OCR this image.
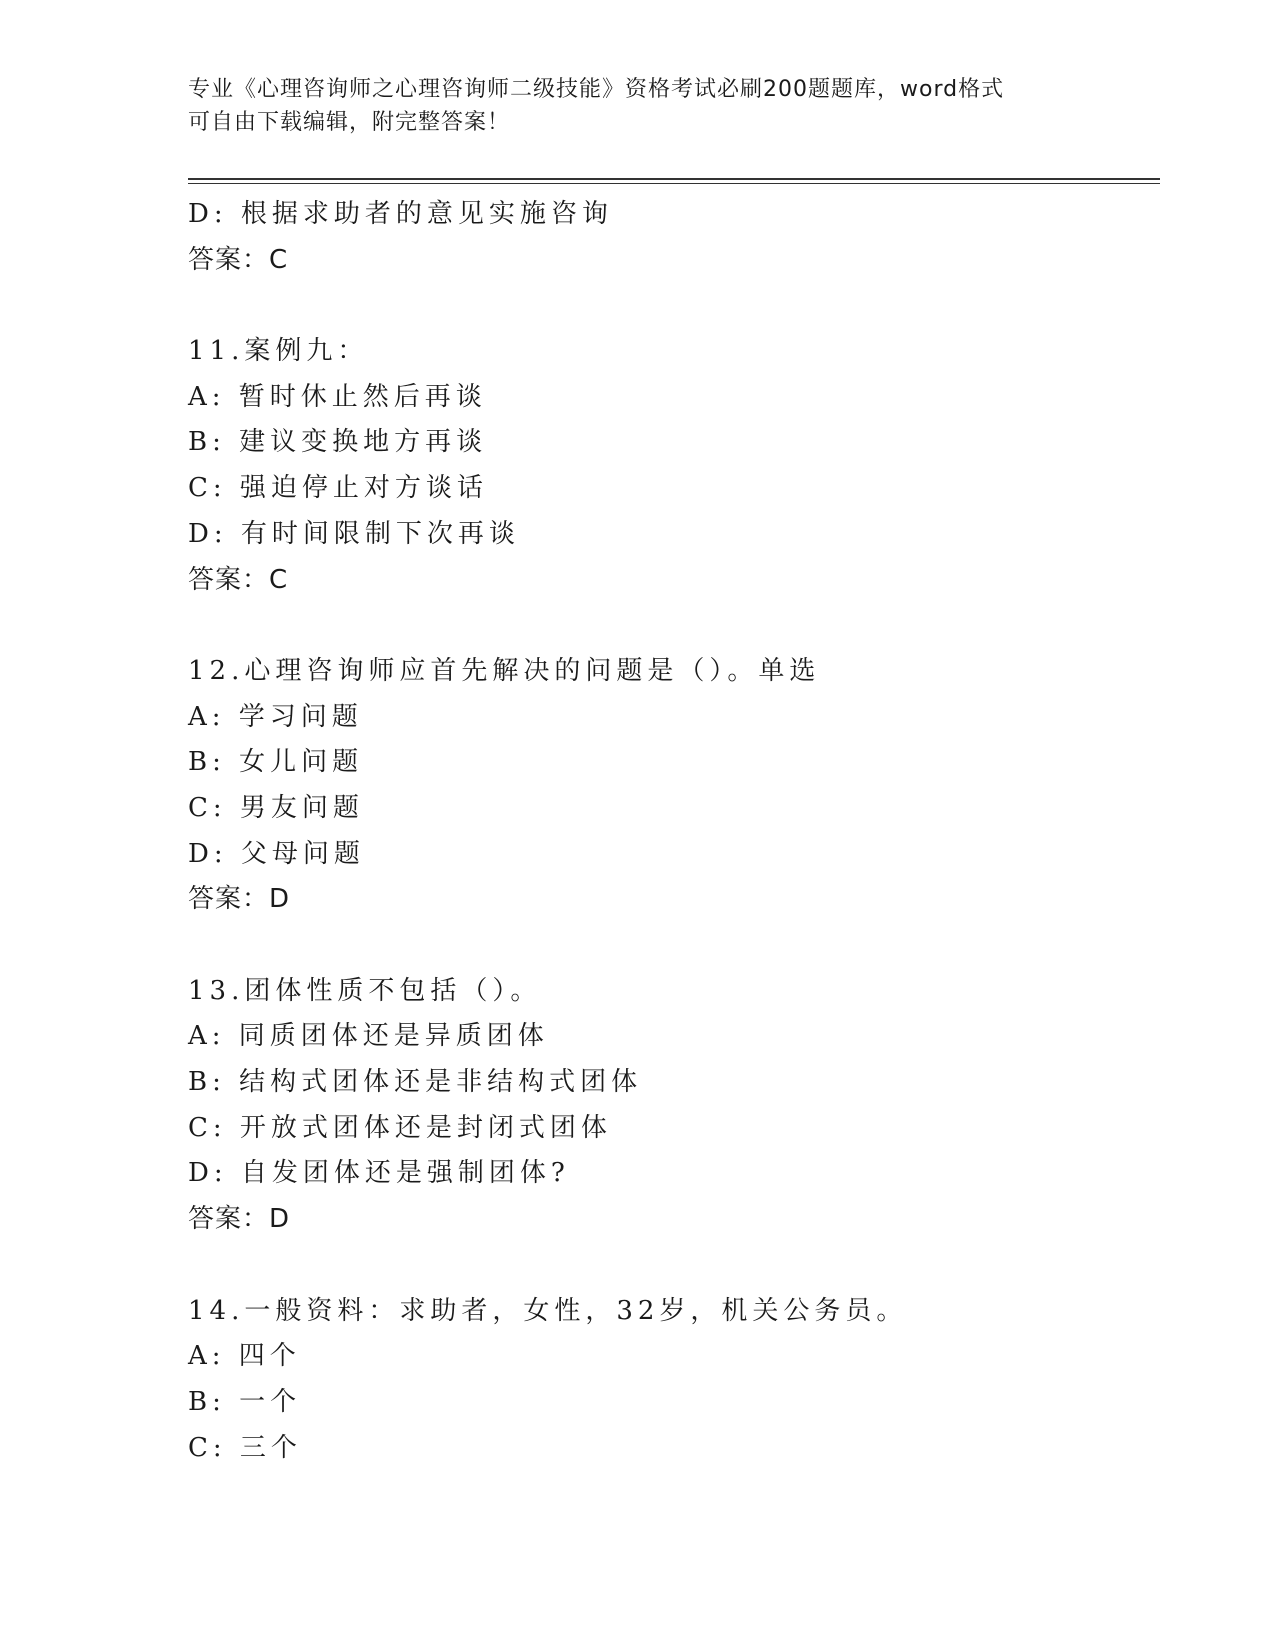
专业《心理咨询师之心理咨询师二级技能》资格考试必刷200题题库，word格式
可自由下载编辑，附完整答案！
D: 根据求助者的意见实施咨询
答案：C
11.案例九：
A: 暂时休止然后再谈
B: 建议变换地方再谈
C: 强迫停止对方谈话
D: 有时间限制下次再谈
答案：C
12.心理咨询师应首先解决的问题是（）。单选
A: 学习问题
B: 女儿问题
C: 男友问题
D: 父母问题
答案：D
13.团体性质不包括（）。
A: 同质团体还是异质团体
B: 结构式团体还是非结构式团体
C: 开放式团体还是封闭式团体
D: 自发团体还是强制团体?
答案：D
14.一般资料：求助者，女性，32岁，机关公务员。
A: 四个
B: 一个
C: 三个
